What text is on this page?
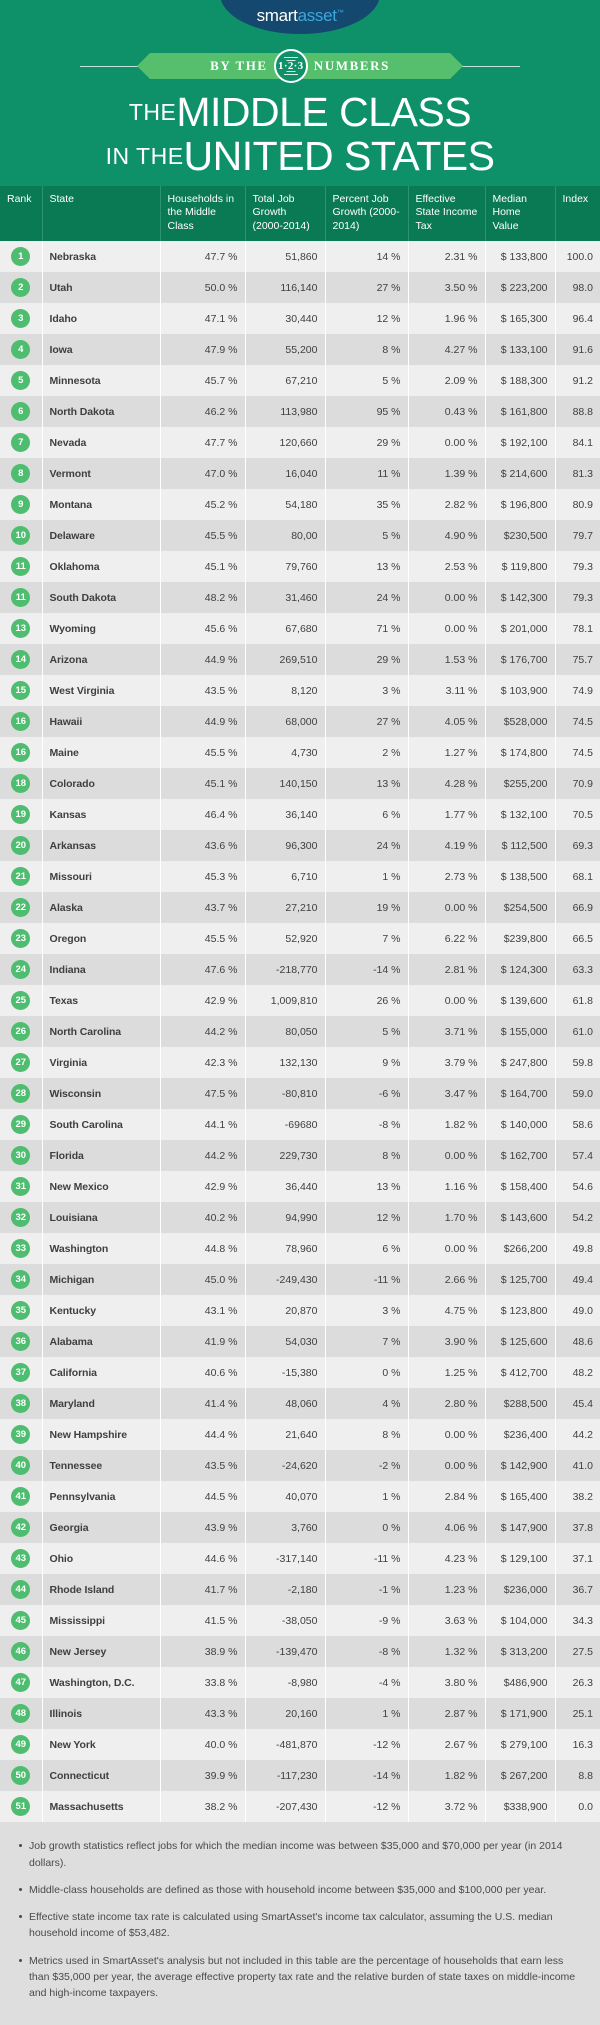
smartasset™
BY THE 1·2·3 NUMBERS
THEMIDDLE CLASS
IN THEUNITED STATES
Rank	State	Households in the Middle Class	Total Job Growth (2000-2014)	Percent Job Growth (2000-2014)	Effective State Income Tax	Median Home Value	Index
1	Nebraska	47.7 %	51,860	14 %	2.31 %	$ 133,800	100.0
2	Utah	50.0 %	116,140	27 %	3.50 %	$ 223,200	98.0
3	Idaho	47.1 %	30,440	12 %	1.96 %	$ 165,300	96.4
4	Iowa	47.9 %	55,200	8 %	4.27 %	$ 133,100	91.6
5	Minnesota	45.7 %	67,210	5 %	2.09 %	$ 188,300	91.2
6	North Dakota	46.2 %	113,980	95 %	0.43 %	$ 161,800	88.8
7	Nevada	47.7 %	120,660	29 %	0.00 %	$ 192,100	84.1
8	Vermont	47.0 %	16,040	11 %	1.39 %	$ 214,600	81.3
9	Montana	45.2 %	54,180	35 %	2.82 %	$ 196,800	80.9
10	Delaware	45.5 %	80,00	5 %	4.90 %	$230,500	79.7
11	Oklahoma	45.1 %	79,760	13 %	2.53 %	$ 119,800	79.3
11	South Dakota	48.2 %	31,460	24 %	0.00 %	$ 142,300	79.3
13	Wyoming	45.6 %	67,680	71 %	0.00 %	$ 201,000	78.1
14	Arizona	44.9 %	269,510	29 %	1.53 %	$ 176,700	75.7
15	West Virginia	43.5 %	8,120	3 %	3.11 %	$ 103,900	74.9
16	Hawaii	44.9 %	68,000	27 %	4.05 %	$528,000	74.5
16	Maine	45.5 %	4,730	2 %	1.27 %	$ 174,800	74.5
18	Colorado	45.1 %	140,150	13 %	4.28 %	$255,200	70.9
19	Kansas	46.4 %	36,140	6 %	1.77 %	$ 132,100	70.5
20	Arkansas	43.6 %	96,300	24 %	4.19 %	$ 112,500	69.3
21	Missouri	45.3 %	6,710	1 %	2.73 %	$ 138,500	68.1
22	Alaska	43.7 %	27,210	19 %	0.00 %	$254,500	66.9
23	Oregon	45.5 %	52,920	7 %	6.22 %	$239,800	66.5
24	Indiana	47.6 %	-218,770	-14 %	2.81 %	$ 124,300	63.3
25	Texas	42.9 %	1,009,810	26 %	0.00 %	$ 139,600	61.8
26	North Carolina	44.2 %	80,050	5 %	3.71 %	$ 155,000	61.0
27	Virginia	42.3 %	132,130	9 %	3.79 %	$ 247,800	59.8
28	Wisconsin	47.5 %	-80,810	-6 %	3.47 %	$ 164,700	59.0
29	South Carolina	44.1 %	-69680	-8 %	1.82 %	$ 140,000	58.6
30	Florida	44.2 %	229,730	8 %	0.00 %	$ 162,700	57.4
31	New Mexico	42.9 %	36,440	13 %	1.16 %	$ 158,400	54.6
32	Louisiana	40.2 %	94,990	12 %	1.70 %	$ 143,600	54.2
33	Washington	44.8 %	78,960	6 %	0.00 %	$266,200	49.8
34	Michigan	45.0 %	-249,430	-11 %	2.66 %	$ 125,700	49.4
35	Kentucky	43.1 %	20,870	3 %	4.75 %	$ 123,800	49.0
36	Alabama	41.9 %	54,030	7 %	3.90 %	$ 125,600	48.6
37	California	40.6 %	-15,380	0 %	1.25 %	$ 412,700	48.2
38	Maryland	41.4 %	48,060	4 %	2.80 %	$288,500	45.4
39	New Hampshire	44.4 %	21,640	8 %	0.00 %	$236,400	44.2
40	Tennessee	43.5 %	-24,620	-2 %	0.00 %	$ 142,900	41.0
41	Pennsylvania	44.5 %	40,070	1 %	2.84 %	$ 165,400	38.2
42	Georgia	43.9 %	3,760	0 %	4.06 %	$ 147,900	37.8
43	Ohio	44.6 %	-317,140	-11 %	4.23 %	$ 129,100	37.1
44	Rhode Island	41.7 %	-2,180	-1 %	1.23 %	$236,000	36.7
45	Mississippi	41.5 %	-38,050	-9 %	3.63 %	$ 104,000	34.3
46	New Jersey	38.9 %	-139,470	-8 %	1.32 %	$ 313,200	27.5
47	Washington, D.C.	33.8 %	-8,980	-4 %	3.80 %	$486,900	26.3
48	Illinois	43.3 %	20,160	1 %	2.87 %	$ 171,900	25.1
49	New York	40.0 %	-481,870	-12 %	2.67 %	$ 279,100	16.3
50	Connecticut	39.9 %	-117,230	-14 %	1.82 %	$ 267,200	8.8
51	Massachusetts	38.2 %	-207,430	-12 %	3.72 %	$338,900	0.0

Job growth statistics reflect jobs for which the median income was between $35,000 and $70,000 per year (in 2014 dollars).

Middle-class households are defined as those with household income between $35,000 and $100,000 per year.

Effective state income tax rate is calculated using SmartAsset's income tax calculator, assuming the U.S. median household income of $53,482.

Metrics used in SmartAsset's analysis but not included in this table are the percentage of households that earn less than $35,000 per year, the average effective property tax rate and the relative burden of state taxes on middle-income and high-income taxpayers.
